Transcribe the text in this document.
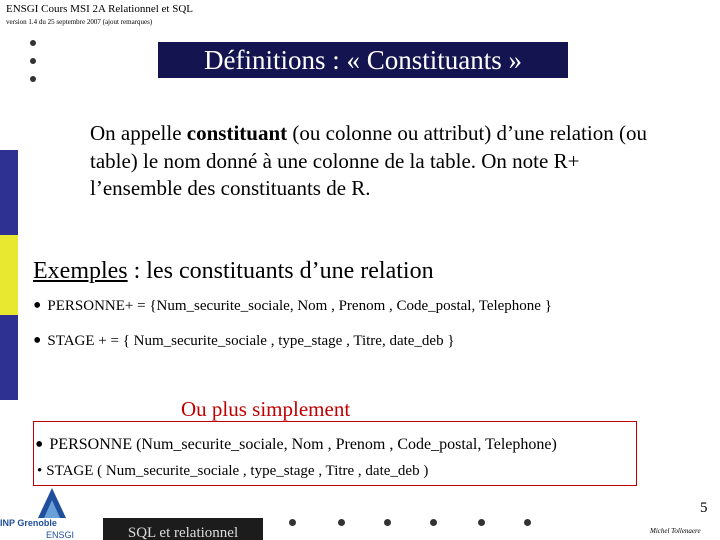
ENSGI Cours MSI 2A Relationnel et SQL
version 1.4 du 25 septembre 2007 (ajout remarques)
Définitions : « Constituants »
On appelle constituant (ou colonne ou attribut) d’une relation (ou table) le nom donné à une colonne de la table. On note R+ l’ensemble des constituants de R.
Exemples : les constituants d’une relation
• PERSONNE+ = {Num_securite_sociale, Nom , Prenom , Code_postal, Telephone }
• STAGE + = { Num_securite_sociale , type_stage , Titre, date_deb }
Ou plus simplement
• PERSONNE (Num_securite_sociale, Nom , Prenom , Code_postal, Telephone)
• STAGE ( Num_securite_sociale , type_stage , Titre , date_deb )
INP Grenoble
ENSGI	SQL et relationnel
5
Michel Tollenaere
